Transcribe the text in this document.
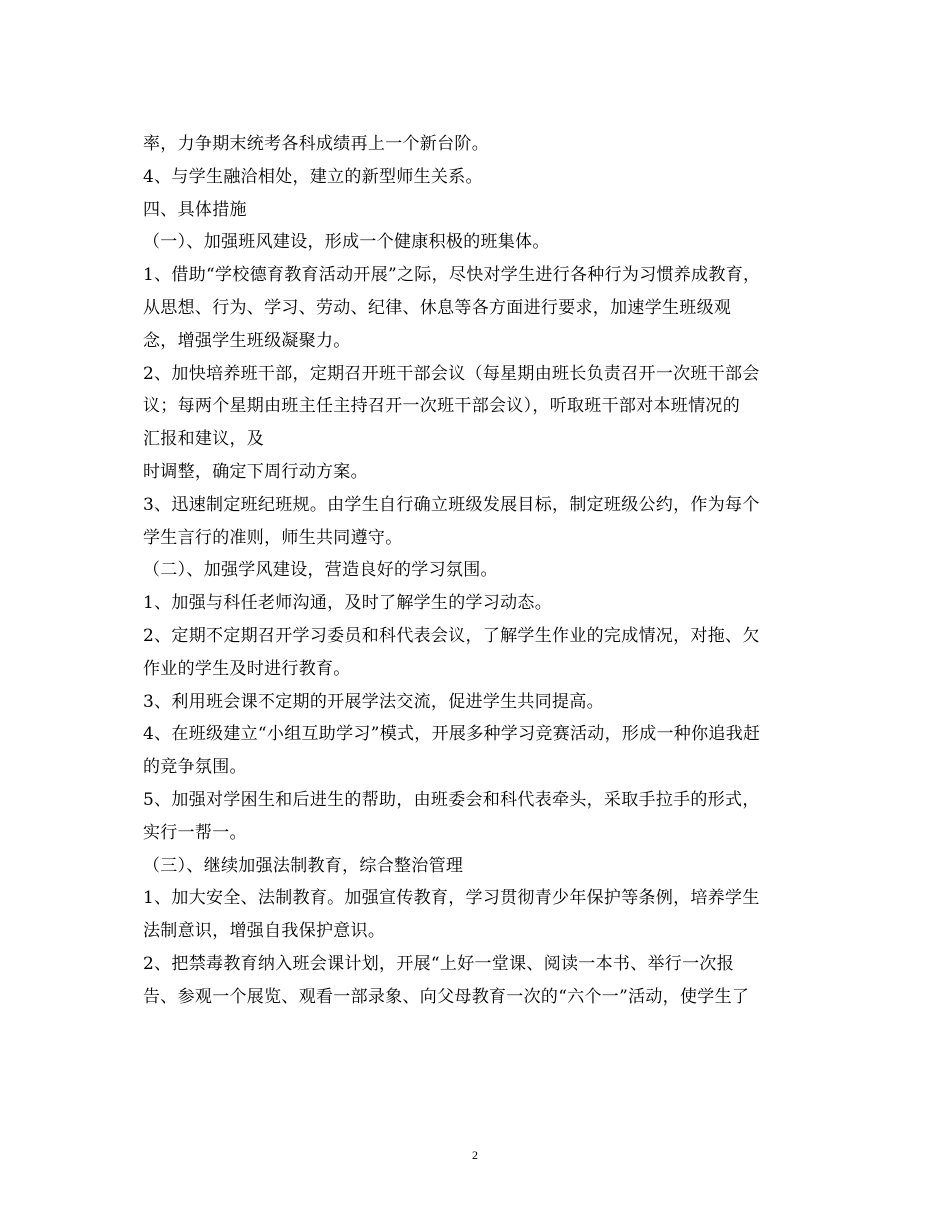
率，力争期末统考各科成绩再上一个新台阶。
4、与学生融洽相处，建立的新型师生关系。
四、具体措施
（一）、加强班风建设，形成一个健康积极的班集体。
1、借助“学校德育教育活动开展”之际，尽快对学生进行各种行为习惯养成教育，
从思想、行为、学习、劳动、纪律、休息等各方面进行要求，加速学生班级观
念，增强学生班级凝聚力。
2、加快培养班干部，定期召开班干部会议（每星期由班长负责召开一次班干部会
议；每两个星期由班主任主持召开一次班干部会议），听取班干部对本班情况的
汇报和建议，及
时调整，确定下周行动方案。
3、迅速制定班纪班规。由学生自行确立班级发展目标，制定班级公约，作为每个
学生言行的准则，师生共同遵守。
（二）、加强学风建设，营造良好的学习氛围。
1、加强与科任老师沟通，及时了解学生的学习动态。
2、定期不定期召开学习委员和科代表会议，了解学生作业的完成情况，对拖、欠
作业的学生及时进行教育。
3、利用班会课不定期的开展学法交流，促进学生共同提高。
4、在班级建立“小组互助学习”模式，开展多种学习竞赛活动，形成一种你追我赶
的竞争氛围。
5、加强对学困生和后进生的帮助，由班委会和科代表牵头，采取手拉手的形式，
实行一帮一。
（三）、继续加强法制教育，综合整治管理
1、加大安全、法制教育。加强宣传教育，学习贯彻青少年保护等条例，培养学生
法制意识，增强自我保护意识。
2、把禁毒教育纳入班会课计划，开展“上好一堂课、阅读一本书、举行一次报
告、参观一个展览、观看一部录象、向父母教育一次的“六个一”活动，使学生了
2
